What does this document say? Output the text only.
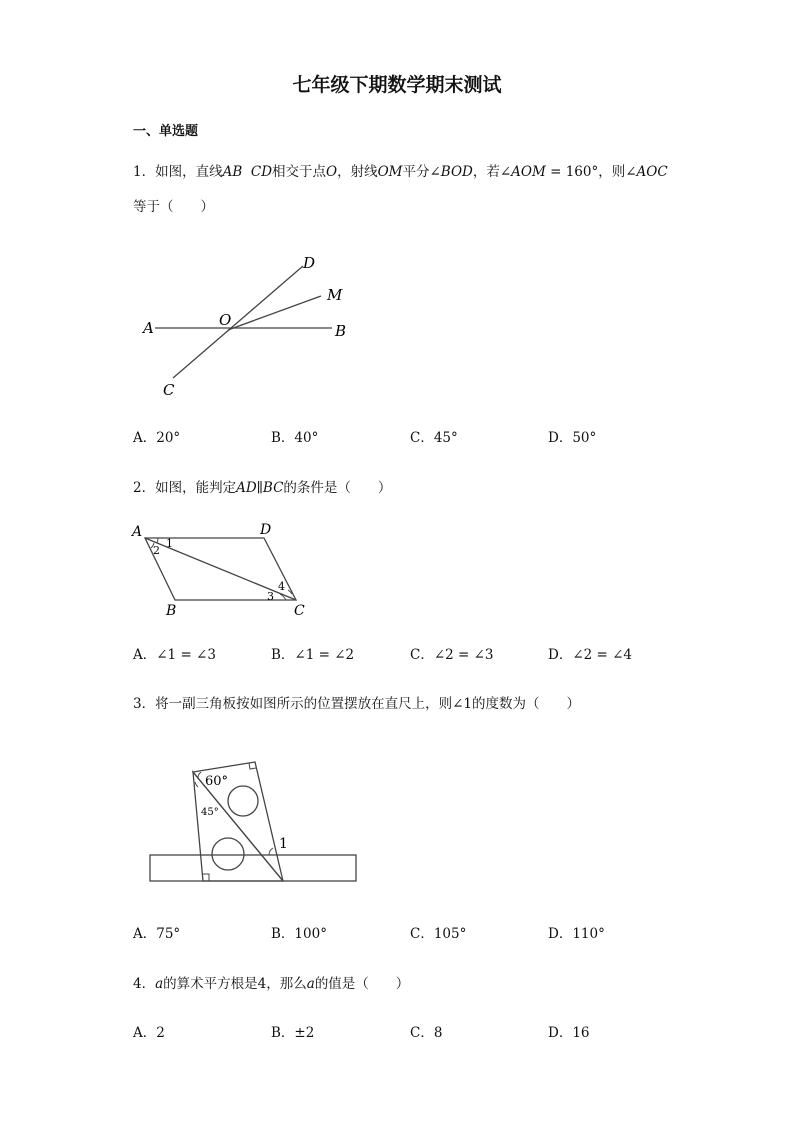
七年级下期数学期末测试
一、单选题
1．如图，直线AB CD相交于点O，射线OM平分∠BOD，若∠AOM = 160°，则∠AOC
等于（　　）
A	B
C
D
M
O
A．20°	B．40°	C．45°	D．50°
2．如图，能判定AD∥BC的条件是（　　）
A	D
B	C
1
2
3
4
A．∠1 = ∠3	B．∠1 = ∠2	C．∠2 = ∠3	D．∠2 = ∠4
3．将一副三角板按如图所示的位置摆放在直尺上，则∠1的度数为（　　）
60°
45°
1
A．75°	B．100°	C．105°	D．110°
4．a的算术平方根是4，那么a的值是（　　）
A．2	B．±2	C．8	D．16
